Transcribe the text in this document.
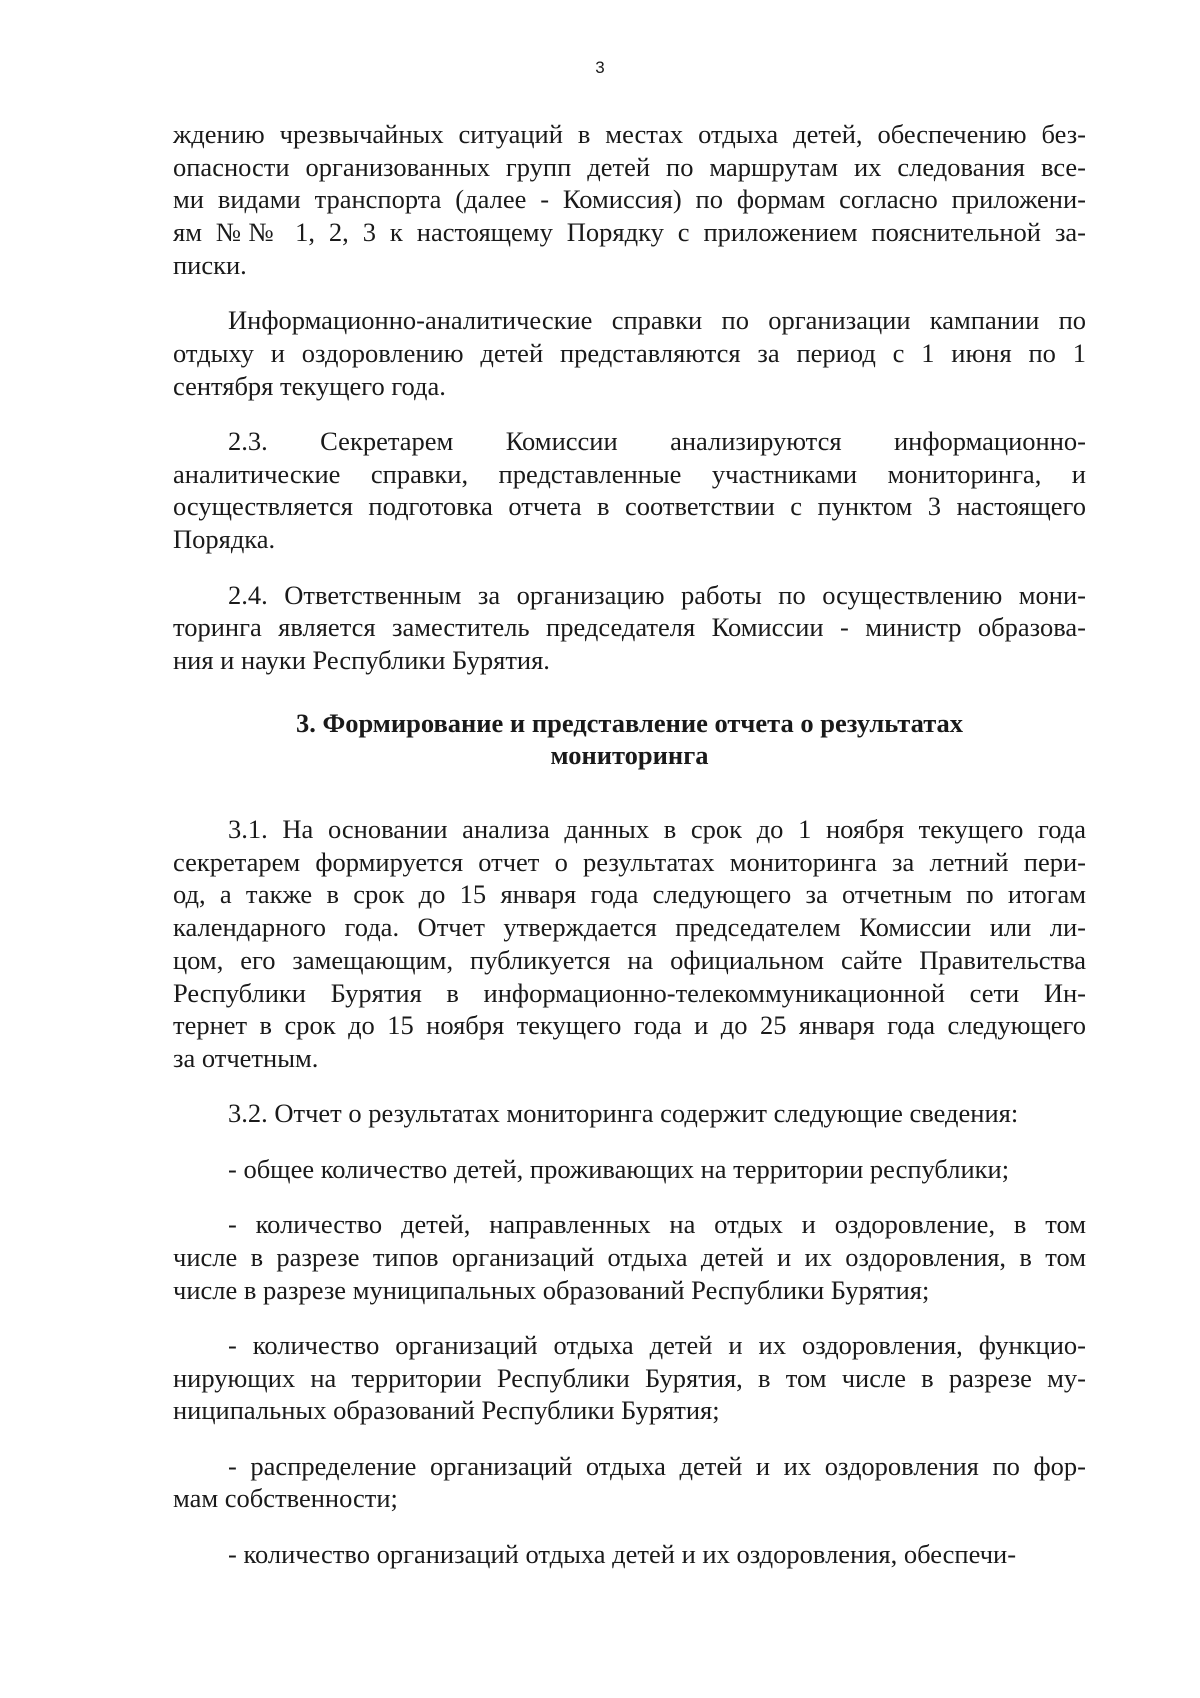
3
ждению чрезвычайных ситуаций в местах отдыха детей, обеспечению без-
опасности организованных групп детей по маршрутам их следования все-
ми видами транспорта (далее - Комиссия) по формам согласно приложени-
ям №№ 1, 2, 3 к настоящему Порядку с приложением пояснительной за-
писки.
Информационно-аналитические справки по организации кампании по
отдыху и оздоровлению детей представляются за период с 1 июня по 1
сентября текущего года.
2.3. Секретарем Комиссии анализируются информационно-
аналитические справки, представленные участниками мониторинга, и
осуществляется подготовка отчета в соответствии с пунктом 3 настоящего
Порядка.
2.4. Ответственным за организацию работы по осуществлению мони-
торинга является заместитель председателя Комиссии - министр образова-
ния и науки Республики Бурятия.
3. Формирование и представление отчета о результатах
мониторинга
3.1. На основании анализа данных в срок до 1 ноября текущего года
секретарем формируется отчет о результатах мониторинга за летний пери-
од, а также в срок до 15 января года следующего за отчетным по итогам
календарного года. Отчет утверждается председателем Комиссии или ли-
цом, его замещающим, публикуется на официальном сайте Правительства
Республики Бурятия в информационно-телекоммуникационной сети Ин-
тернет в срок до 15 ноября текущего года и до 25 января года следующего
за отчетным.
3.2. Отчет о результатах мониторинга содержит следующие сведения:
- общее количество детей, проживающих на территории республики;
- количество детей, направленных на отдых и оздоровление, в том
числе в разрезе типов организаций отдыха детей и их оздоровления, в том
числе в разрезе муниципальных образований Республики Бурятия;
- количество организаций отдыха детей и их оздоровления, функцио-
нирующих на территории Республики Бурятия, в том числе в разрезе му-
ниципальных образований Республики Бурятия;
- распределение организаций отдыха детей и их оздоровления по фор-
мам собственности;
- количество организаций отдыха детей и их оздоровления, обеспечи-
